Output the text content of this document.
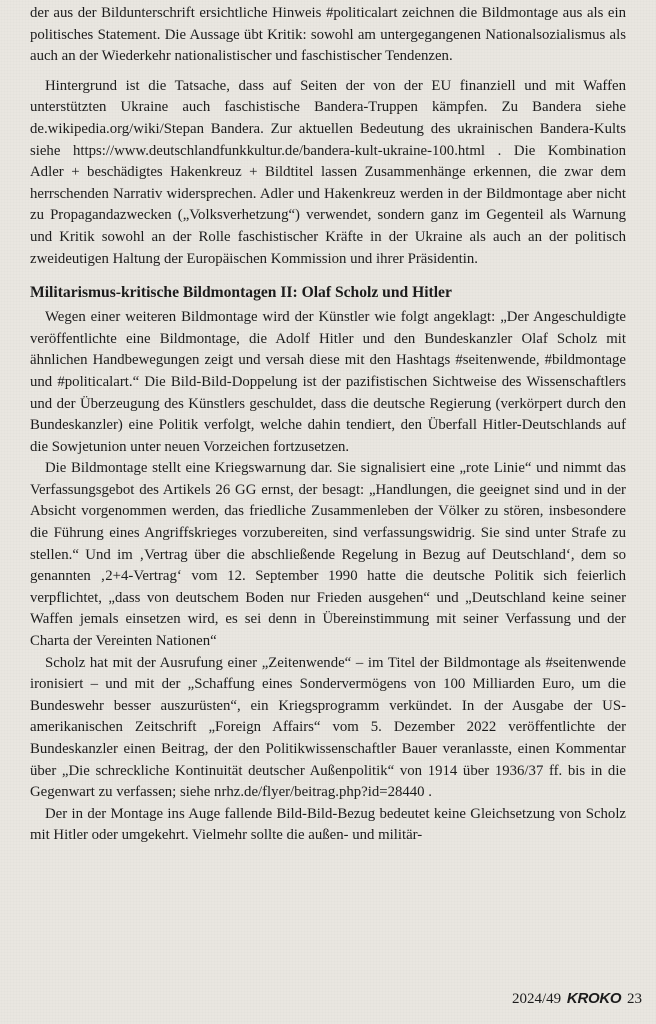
der aus der Bildunterschrift ersichtliche Hinweis #politicalart zeichnen die Bildmontage aus als ein politisches Statement. Die Aussage übt Kritik: sowohl am untergegangenen Nationalsozialismus als auch an der Wiederkehr nationalistischer und faschistischer Tendenzen.

Hintergrund ist die Tatsache, dass auf Seiten der von der EU finanziell und mit Waffen unterstützten Ukraine auch faschistische Bandera-Truppen kämpfen. Zu Bandera siehe de.wikipedia.org/wiki/Stepan Bandera. Zur aktuellen Bedeutung des ukrainischen Bandera-Kults siehe https://www.deutschlandfunkkultur.de/bandera-kult-ukraine-100.html . Die Kombination Adler + beschädigtes Hakenkreuz + Bildtitel lassen Zusammenhänge erkennen, die zwar dem herrschenden Narrativ widersprechen. Adler und Hakenkreuz werden in der Bildmontage aber nicht zu Propagandazwecken („Volksverhetzung“) verwendet, sondern ganz im Gegenteil als Warnung und Kritik sowohl an der Rolle faschistischer Kräfte in der Ukraine als auch an der politisch zweideutigen Haltung der Europäischen Kommission und ihrer Präsidentin.

Militarismus-kritische Bildmontagen II: Olaf Scholz und Hitler

Wegen einer weiteren Bildmontage wird der Künstler wie folgt angeklagt: „Der Angeschuldigte veröffentlichte eine Bildmontage, die Adolf Hitler und den Bundeskanzler Olaf Scholz mit ähnlichen Handbewegungen zeigt und versah diese mit den Hashtags #seitenwende, #bildmontage und #politicalart.“ Die Bild-Bild-Doppelung ist der pazifistischen Sichtweise des Wissenschaftlers und der Überzeugung des Künstlers geschuldet, dass die deutsche Regierung (verkörpert durch den Bundeskanzler) eine Politik verfolgt, welche dahin tendiert, den Überfall Hitler-Deutschlands auf die Sowjetunion unter neuen Vorzeichen fortzusetzen.

Die Bildmontage stellt eine Kriegswarnung dar. Sie signalisiert eine „rote Linie“ und nimmt das Verfassungsgebot des Artikels 26 GG ernst, der besagt: „Handlungen, die geeignet sind und in der Absicht vorgenommen werden, das friedliche Zusammenleben der Völker zu stören, insbesondere die Führung eines Angriffskrieges vorzubereiten, sind verfassungswidrig. Sie sind unter Strafe zu stellen.“ Und im ‚Vertrag über die abschließende Regelung in Bezug auf Deutschland‘, dem so genannten ‚2+4-Vertrag‘ vom 12. September 1990 hatte die deutsche Politik sich feierlich verpflichtet, „dass von deutschem Boden nur Frieden ausgehen“ und „Deutschland keine seiner Waffen jemals einsetzen wird, es sei denn in Übereinstimmung mit seiner Verfassung und der Charta der Vereinten Nationen“

Scholz hat mit der Ausrufung einer „Zeitenwende“ – im Titel der Bildmontage als #seitenwende ironisiert – und mit der „Schaffung eines Sondervermögens von 100 Milliarden Euro, um die Bundeswehr besser auszurüsten“, ein Kriegsprogramm verkündet. In der Ausgabe der US-amerikanischen Zeitschrift „Foreign Affairs“ vom 5. Dezember 2022 veröffentlichte der Bundeskanzler einen Beitrag, der den Politikwissenschaftler Bauer veranlasste, einen Kommentar über „Die schreckliche Kontinuität deutscher Außenpolitik“ von 1914 über 1936/37 ff. bis in die Gegenwart zu verfassen; siehe nrhz.de/flyer/beitrag.php?id=28440 .

Der in der Montage ins Auge fallende Bild-Bild-Bezug bedeutet keine Gleichsetzung von Scholz mit Hitler oder umgekehrt. Vielmehr sollte die außen- und militär-

2024/49 KROKO 23
